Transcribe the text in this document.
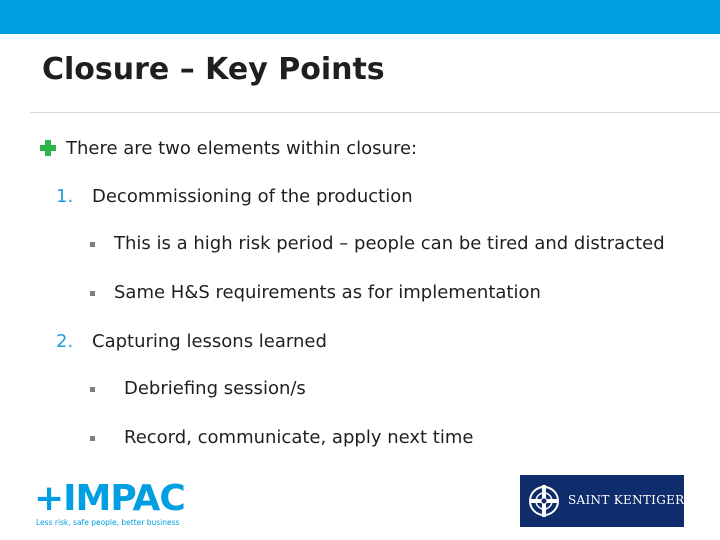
Closure – Key Points
There are two elements within closure:
1. Decommissioning of the production
This is a high risk period – people can be tired and distracted
Same H&S requirements as for implementation
2. Capturing lessons learned
Debriefing session/s
Record, communicate, apply next time
+IMPAC
Less risk, safe people, better business
SAINT KENTIGERN
